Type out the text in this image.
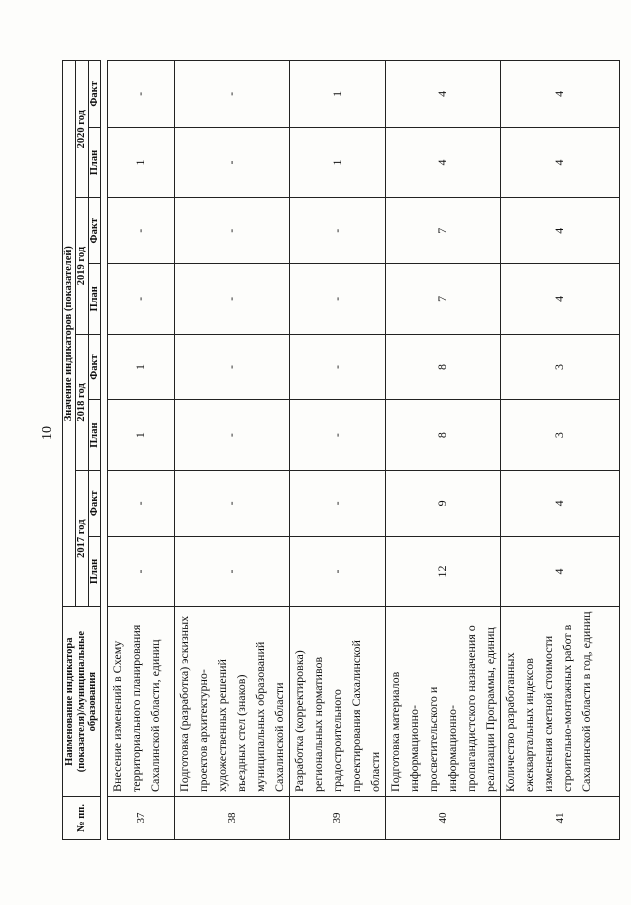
10
№ пп.	Наименование индикатора (показателя)/муниципальные образования	Значение индикаторов (показателей)							
		2017 год		2018 год		2019 год		2020 год	
		План	Факт	План	Факт	План	Факт	План	Факт

37	Внесение изменений в Схему территориального планирования Сахалинской области, единиц	-	-	1	1	-	-	1	-
38	Подготовка (разработка) эскизных проектов архитектурно-художественных решений въездных стел (знаков) муниципальных образований Сахалинской области	-	-	-	-	-	-	-	-
39	Разработка (корректировка) региональных нормативов градостроительного проектирования Сахалинской области	-	-	-	-	-	-	1	1
40	Подготовка материалов информационно-просветительского и информационно-пропагандистского назначения о реализации Программы, единиц	12	9	8	8	7	7	4	4
41	Количество разработанных ежеквартальных индексов изменения сметной стоимости строительно-монтажных работ в Сахалинской области в год, единиц	4	4	3	3	4	4	4	4
